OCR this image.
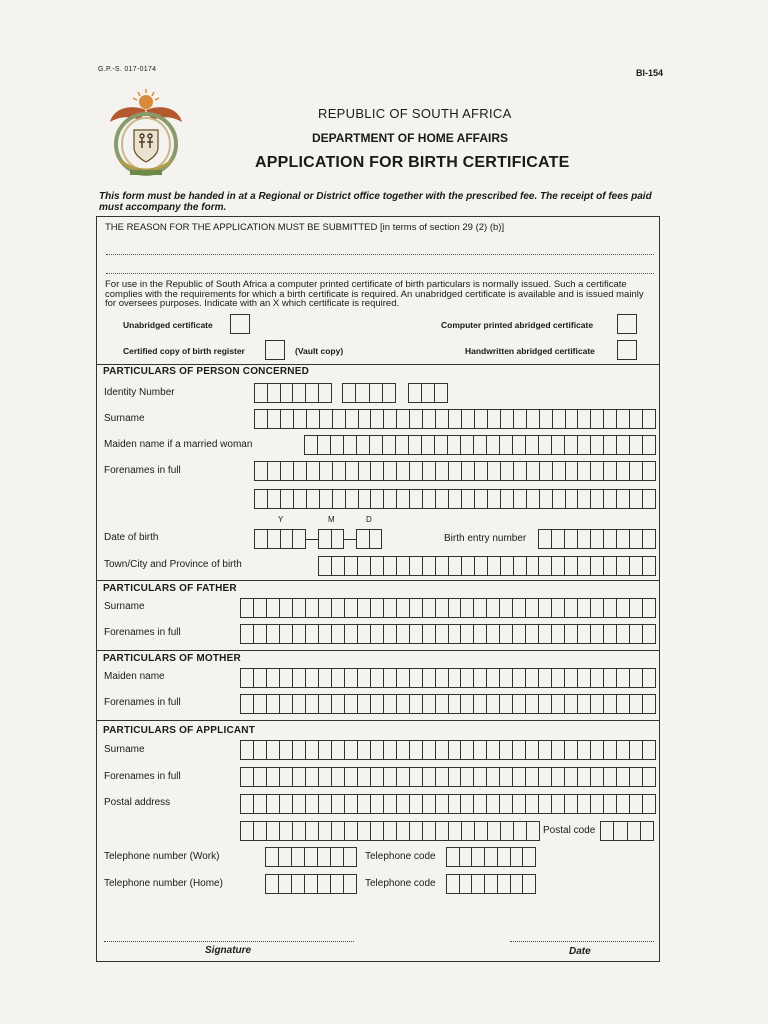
G.P.-S. 017-0174	BI-154
REPUBLIC OF SOUTH AFRICA
DEPARTMENT OF HOME AFFAIRS
APPLICATION FOR BIRTH CERTIFICATE
This form must be handed in at a Regional or District office together with the prescribed fee. The receipt of fees paid must accompany the form.
THE REASON FOR THE APPLICATION MUST BE SUBMITTED [in terms of section 29 (2) (b)]
For use in the Republic of South Africa a computer printed certificate of birth particulars is normally issued. Such a certificate complies with the requirements for which a birth certificate is required. An unabridged certificate is available and is issued mainly for oversees purposes. Indicate with an X which certificate is required.
Unabridged certificate	Computer printed abridged certificate
Certified copy of birth register	(Vault copy)	Handwritten abridged certificate
PARTICULARS OF PERSON CONCERNED
Identity Number
Surname
Maiden name if a married woman
Forenames in full
Y	M	D
Date of birth	Birth entry number
Town/City and Province of birth
PARTICULARS OF FATHER
Surname
Forenames in full
PARTICULARS OF MOTHER
Maiden name
Forenames in full
PARTICULARS OF APPLICANT
Surname
Forenames in full
Postal address
Postal code
Telephone number (Work)	Telephone code
Telephone number (Home)	Telephone code
Signature	Date
